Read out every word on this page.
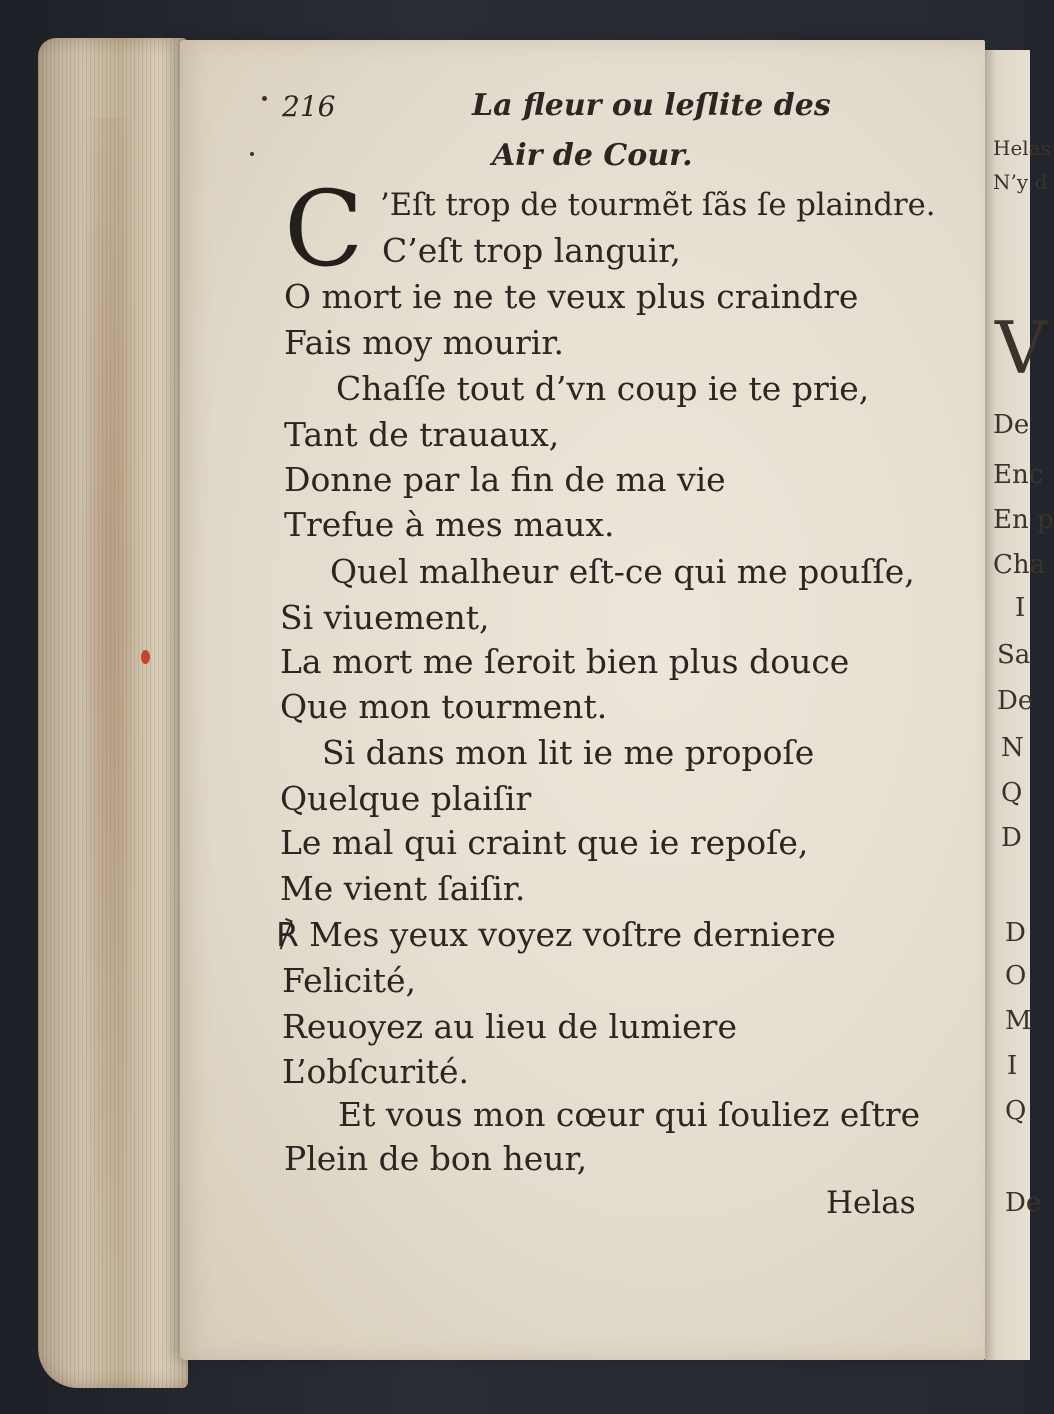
Helas
N’y d
V
De
Enc
En p
Cha
I
Sa
De
N
Q
D
D
O
M
I
Q
De
216	La fleur ou leſlite des
Air de Cour.
C ’Eſt trop de tourmẽt ſãs ſe plaindre.
C’eſt trop languir,
O mort ie ne te veux plus craindre
Fais moy mourir.
Chaſſe tout d’vn coup ie te prie,
Tant de trauaux,
Donne par la fin de ma vie
Trefue à mes maux.
Quel malheur eſt-ce qui me pouſſe,
Si viuement,
La mort me ſeroit bien plus douce
Que mon tourment.
Si dans mon lit ie me propoſe
Quelque plaiſir
Le mal qui craint que ie repoſe,
Me vient ſaiſir.
℟ Mes yeux voyez voſtre derniere
Felicité,
Reuoyez au lieu de lumiere
L’obſcurité.
Et vous mon cœur qui ſouliez eſtre
Plein de bon heur,
Helas
